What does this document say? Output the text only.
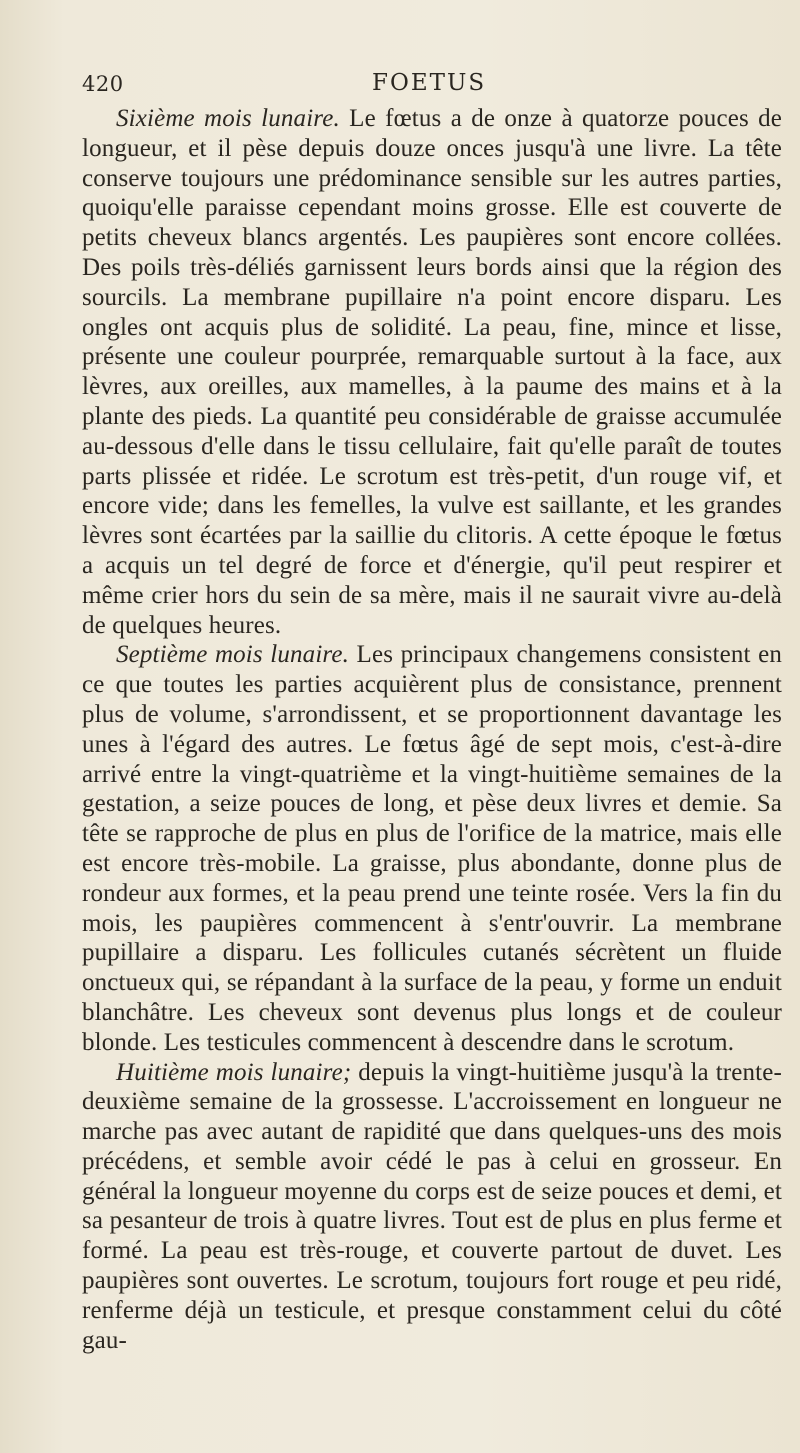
420	FOETUS

Sixième mois lunaire. Le fœtus a de onze à quatorze pouces de longueur, et il pèse depuis douze onces jusqu'à une livre. La tête conserve toujours une prédominance sensible sur les autres parties, quoiqu'elle paraisse cependant moins grosse. Elle est couverte de petits cheveux blancs argentés. Les paupières sont encore collées. Des poils très-déliés garnissent leurs bords ainsi que la région des sourcils. La membrane pupillaire n'a point encore disparu. Les ongles ont acquis plus de solidité. La peau, fine, mince et lisse, présente une couleur pourprée, remarquable surtout à la face, aux lèvres, aux oreilles, aux mamelles, à la paume des mains et à la plante des pieds. La quantité peu considérable de graisse accumulée au-dessous d'elle dans le tissu cellulaire, fait qu'elle paraît de toutes parts plissée et ridée. Le scrotum est très-petit, d'un rouge vif, et encore vide; dans les femelles, la vulve est saillante, et les grandes lèvres sont écartées par la saillie du clitoris. A cette époque le fœtus a acquis un tel degré de force et d'énergie, qu'il peut respirer et même crier hors du sein de sa mère, mais il ne saurait vivre au-delà de quelques heures.

Septième mois lunaire. Les principaux changemens consistent en ce que toutes les parties acquièrent plus de consistance, prennent plus de volume, s'arrondissent, et se proportionnent davantage les unes à l'égard des autres. Le fœtus âgé de sept mois, c'est-à-dire arrivé entre la vingt-quatrième et la vingt-huitième semaines de la gestation, a seize pouces de long, et pèse deux livres et demie. Sa tête se rapproche de plus en plus de l'orifice de la matrice, mais elle est encore très-mobile. La graisse, plus abondante, donne plus de rondeur aux formes, et la peau prend une teinte rosée. Vers la fin du mois, les paupières commencent à s'entr'ouvrir. La membrane pupillaire a disparu. Les follicules cutanés sécrètent un fluide onctueux qui, se répandant à la surface de la peau, y forme un enduit blanchâtre. Les cheveux sont devenus plus longs et de couleur blonde. Les testicules commencent à descendre dans le scrotum.

Huitième mois lunaire; depuis la vingt-huitième jusqu'à la trente-deuxième semaine de la grossesse. L'accroissement en longueur ne marche pas avec autant de rapidité que dans quelques-uns des mois précédens, et semble avoir cédé le pas à celui en grosseur. En général la longueur moyenne du corps est de seize pouces et demi, et sa pesanteur de trois à quatre livres. Tout est de plus en plus ferme et formé. La peau est très-rouge, et couverte partout de duvet. Les paupières sont ouvertes. Le scrotum, toujours fort rouge et peu ridé, renferme déjà un testicule, et presque constamment celui du côté gau-
